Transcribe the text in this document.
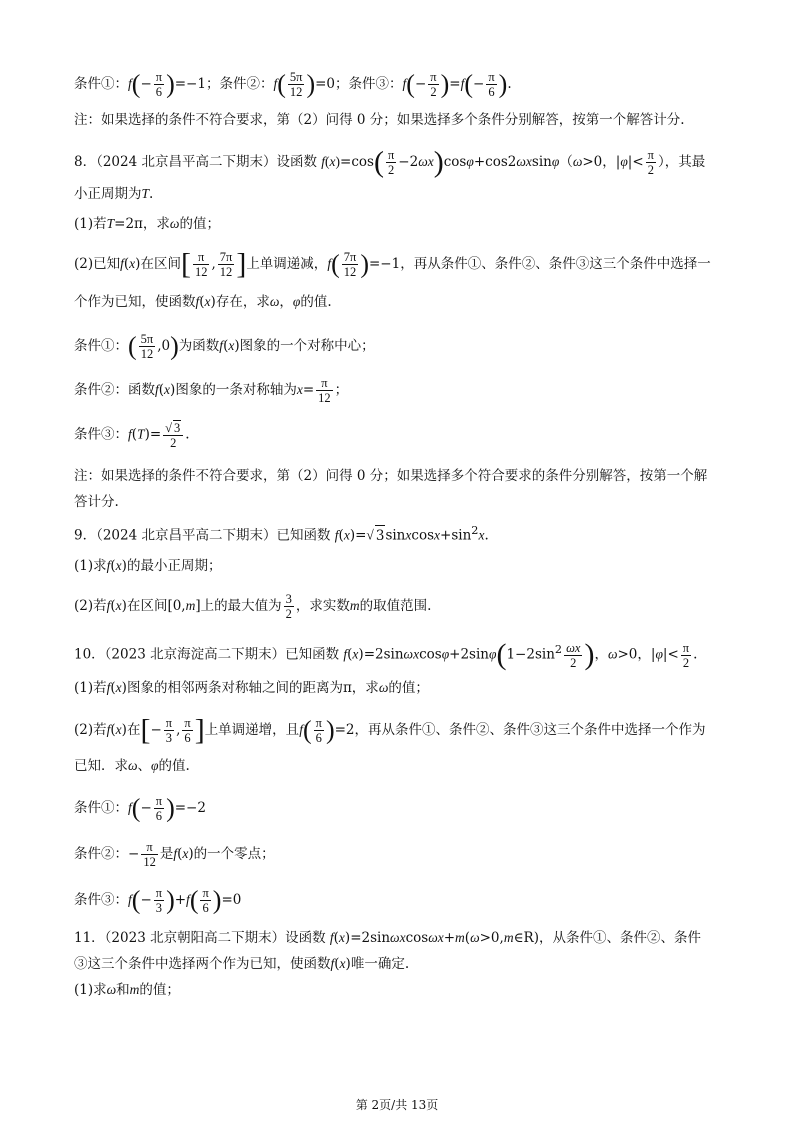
条件①：$f(- \frac{\pi}{6} )=-1$；条件②：$f( \frac{5\pi}{12} )=0$；条件③：$f(- \frac{\pi}{2} )=f(- \frac{\pi}{6}$ ).
注：如果选择的条件不符合要求，第（2）问得 0 分；如果选择多个条件分别解答，按第一个解答计分.
8．（2024 北京昌平高二下期末）设函数 $f(x)=\cos( \frac{\pi}{2} -2\omega x)\cos\varphi+\cos 2\omega xsin\varphi(\omega>0$，$|\varphi|< \frac{\pi}{2}$ ），其最
小正周期为T.
(1)若T=2π，求ω的值；
(2)已知f(x)在区间[ $\frac{\pi}{12}$ , $\frac{7\pi}{12}$ ]上单调递减，$f( \frac{7\pi}{12} )=-1$，再从条件①、条件②、条件③这三个条件中选择一
个作为已知，使函数f(x)存在，求ω，φ的值.
条件①：( $\frac{5\pi}{12} ,0$)为函数f(x)图象的一个对称中心；
条件②：函数f(x)图象的一条对称轴为$x= \frac{\pi}{12}$ ；
条件③：$f(T)= \frac{√ 3}{2}$ .
注：如果选择的条件不符合要求，第（2）问得 0 分；如果选择多个符合要求的条件分别解答，按第一个解
答计分.
9．（2024 北京昌平高二下期末）已知函数 f(x)=√ $3sinxcosx+\sin^2x$.
(1)求f(x)的最小正周期；
(2)若f(x)在区间[0,m]上的最大值为 $\frac{3}{2}$ ，求实数m的取值范围.
10．（2023 北京海淀高二下期末）已知函数 $f(x)=2\sin\omega xcos\varphi+2\sin\varphi(1-2\sin^2 \frac{\omega x}{2}$ )，ω>0，$|\varphi|< \frac{\pi}{2}$ .
(1)若f(x)图象的相邻两条对称轴之间的距离为π，求ω的值；
(2)若f(x)在[− $\frac{\pi}{3}$ , $\frac{\pi}{6}$ ]上单调递增，且$f( \frac{\pi}{6} )=2$，再从条件①、条件②、条件③这三个条件中选择一个作为
已知．求ω、φ的值.
条件①：$f(- \frac{\pi}{6} )=-2$
条件②：− $\frac{\pi}{12}$ 是f(x)的一个零点；
条件③：$f(- \frac{\pi}{3} )+f( \frac{\pi}{6} )=0$
11．（2023 北京朝阳高二下期末）设函数 f(x)=2sinωxcosωx+m(ω>0,m∈R)，从条件①、条件②、条件
③这三个条件中选择两个作为已知，使函数f(x)唯一确定.
(1)求ω和m的值；
第 2页/共 13页
